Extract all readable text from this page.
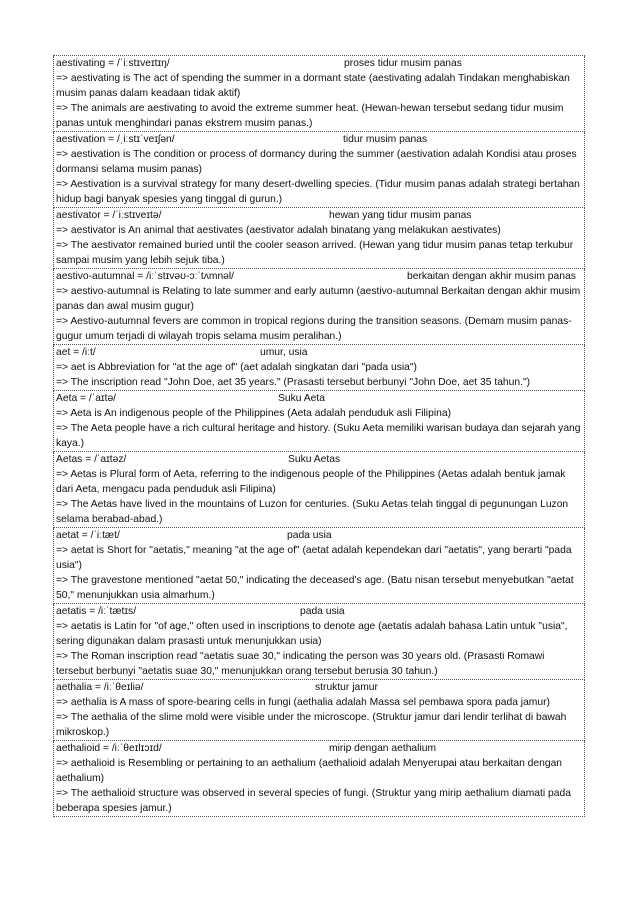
aestivating = /ˈiːstɪveɪtɪŋ/	proses tidur musim panas
=> aestivating is The act of spending the summer in a dormant state (aestivating adalah Tindakan menghabiskan musim panas dalam keadaan tidak aktif)
=> The animals are aestivating to avoid the extreme summer heat. (Hewan-hewan tersebut sedang tidur musim panas untuk menghindari panas ekstrem musim panas.)
aestivation = /ˌiːstɪˈveɪʃən/	tidur musim panas
=> aestivation is The condition or process of dormancy during the summer (aestivation adalah Kondisi atau proses dormansi selama musim panas)
=> Aestivation is a survival strategy for many desert-dwelling species. (Tidur musim panas adalah strategi bertahan hidup bagi banyak spesies yang tinggal di gurun.)
aestivator = /ˈiːstɪveɪtə/	hewan yang tidur musim panas
=> aestivator is An animal that aestivates (aestivator adalah binatang yang melakukan aestivates)
=> The aestivator remained buried until the cooler season arrived. (Hewan yang tidur musim panas tetap terkubur sampai musim yang lebih sejuk tiba.)
aestivo-autumnal = /iːˈstɪvəʊ-ɔːˈtʌmnəl/	berkaitan dengan akhir musim panas
=> aestivo-autumnal is Relating to late summer and early autumn (aestivo-autumnal Berkaitan dengan akhir musim panas dan awal musim gugur)
=> Aestivo-autumnal fevers are common in tropical regions during the transition seasons. (Demam musim panas-gugur umum terjadi di wilayah tropis selama musim peralihan.)
aet = /iːt/	umur, usia
=> aet is Abbreviation for "at the age of" (aet adalah singkatan dari "pada usia")
=> The inscription read "John Doe, aet 35 years." (Prasasti tersebut berbunyi "John Doe, aet 35 tahun.")
Aeta = /ˈaɪtə/	Suku Aeta
=> Aeta is An indigenous people of the Philippines (Aeta adalah penduduk asli Filipina)
=> The Aeta people have a rich cultural heritage and history. (Suku Aeta memiliki warisan budaya dan sejarah yang kaya.)
Aetas = /ˈaɪtəz/	Suku Aetas
=> Aetas is Plural form of Aeta, referring to the indigenous people of the Philippines (Aetas adalah bentuk jamak dari Aeta, mengacu pada penduduk asli Filipina)
=> The Aetas have lived in the mountains of Luzon for centuries. (Suku Aetas telah tinggal di pegunungan Luzon selama berabad-abad.)
aetat = /ˈiːtæt/	pada usia
=> aetat is Short for "aetatis," meaning "at the age of" (aetat adalah kependekan dari "aetatis", yang berarti "pada usia")
=> The gravestone mentioned "aetat 50," indicating the deceased's age. (Batu nisan tersebut menyebutkan "aetat 50," menunjukkan usia almarhum.)
aetatis = /iːˈtætɪs/	pada usia
=> aetatis is Latin for "of age," often used in inscriptions to denote age (aetatis adalah bahasa Latin untuk "usia", sering digunakan dalam prasasti untuk menunjukkan usia)
=> The Roman inscription read "aetatis suae 30," indicating the person was 30 years old. (Prasasti Romawi tersebut berbunyi "aetatis suae 30," menunjukkan orang tersebut berusia 30 tahun.)
aethalia = /iːˈθeɪliə/	struktur jamur
=> aethalia is A mass of spore-bearing cells in fungi (aethalia adalah Massa sel pembawa spora pada jamur)
=> The aethalia of the slime mold were visible under the microscope. (Struktur jamur dari lendir terlihat di bawah mikroskop.)
aethalioid = /iːˈθeɪlɪɔɪd/	mirip dengan aethalium
=> aethalioid is Resembling or pertaining to an aethalium (aethalioid adalah Menyerupai atau berkaitan dengan aethalium)
=> The aethalioid structure was observed in several species of fungi. (Struktur yang mirip aethalium diamati pada beberapa spesies jamur.)
